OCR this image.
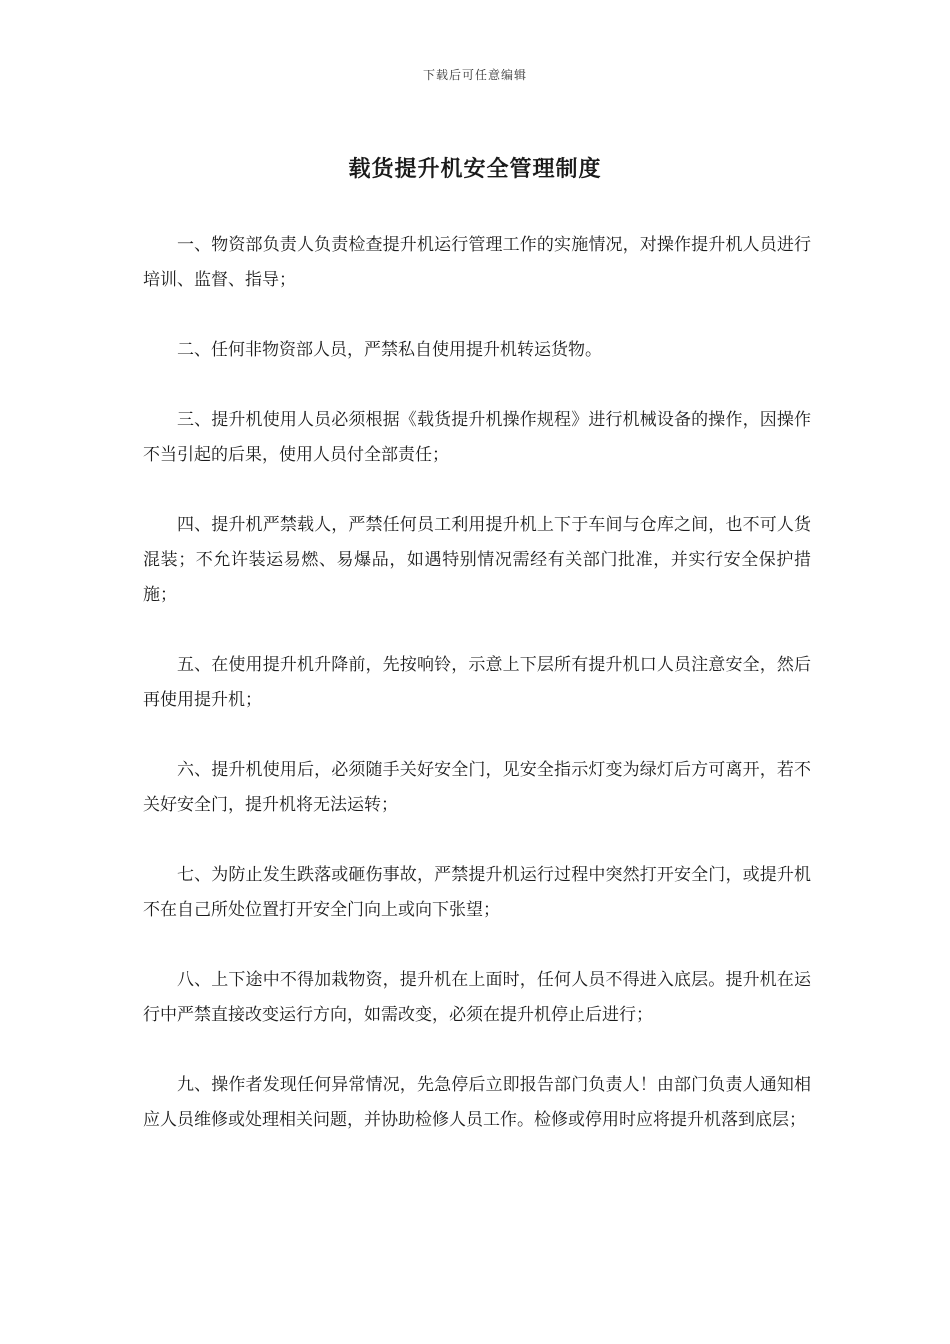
下载后可任意编辑
载货提升机安全管理制度

一、物资部负责人负责检查提升机运行管理工作的实施情况，对操作提升机人员进行培训、监督、指导；

二、任何非物资部人员，严禁私自使用提升机转运货物。

三、提升机使用人员必须根据《载货提升机操作规程》进行机械设备的操作，因操作不当引起的后果，使用人员付全部责任；

四、提升机严禁载人，严禁任何员工利用提升机上下于车间与仓库之间，也不可人货混装；不允许装运易燃、易爆品，如遇特别情况需经有关部门批准，并实行安全保护措施；

五、在使用提升机升降前，先按响铃，示意上下层所有提升机口人员注意安全，然后再使用提升机；

六、提升机使用后，必须随手关好安全门，见安全指示灯变为绿灯后方可离开，若不关好安全门，提升机将无法运转；

七、为防止发生跌落或砸伤事故，严禁提升机运行过程中突然打开安全门，或提升机不在自己所处位置打开安全门向上或向下张望；

八、上下途中不得加栽物资，提升机在上面时，任何人员不得进入底层。提升机在运行中严禁直接改变运行方向，如需改变，必须在提升机停止后进行；

九、操作者发现任何异常情况，先急停后立即报告部门负责人！由部门负责人通知相应人员维修或处理相关问题，并协助检修人员工作。检修或停用时应将提升机落到底层；
